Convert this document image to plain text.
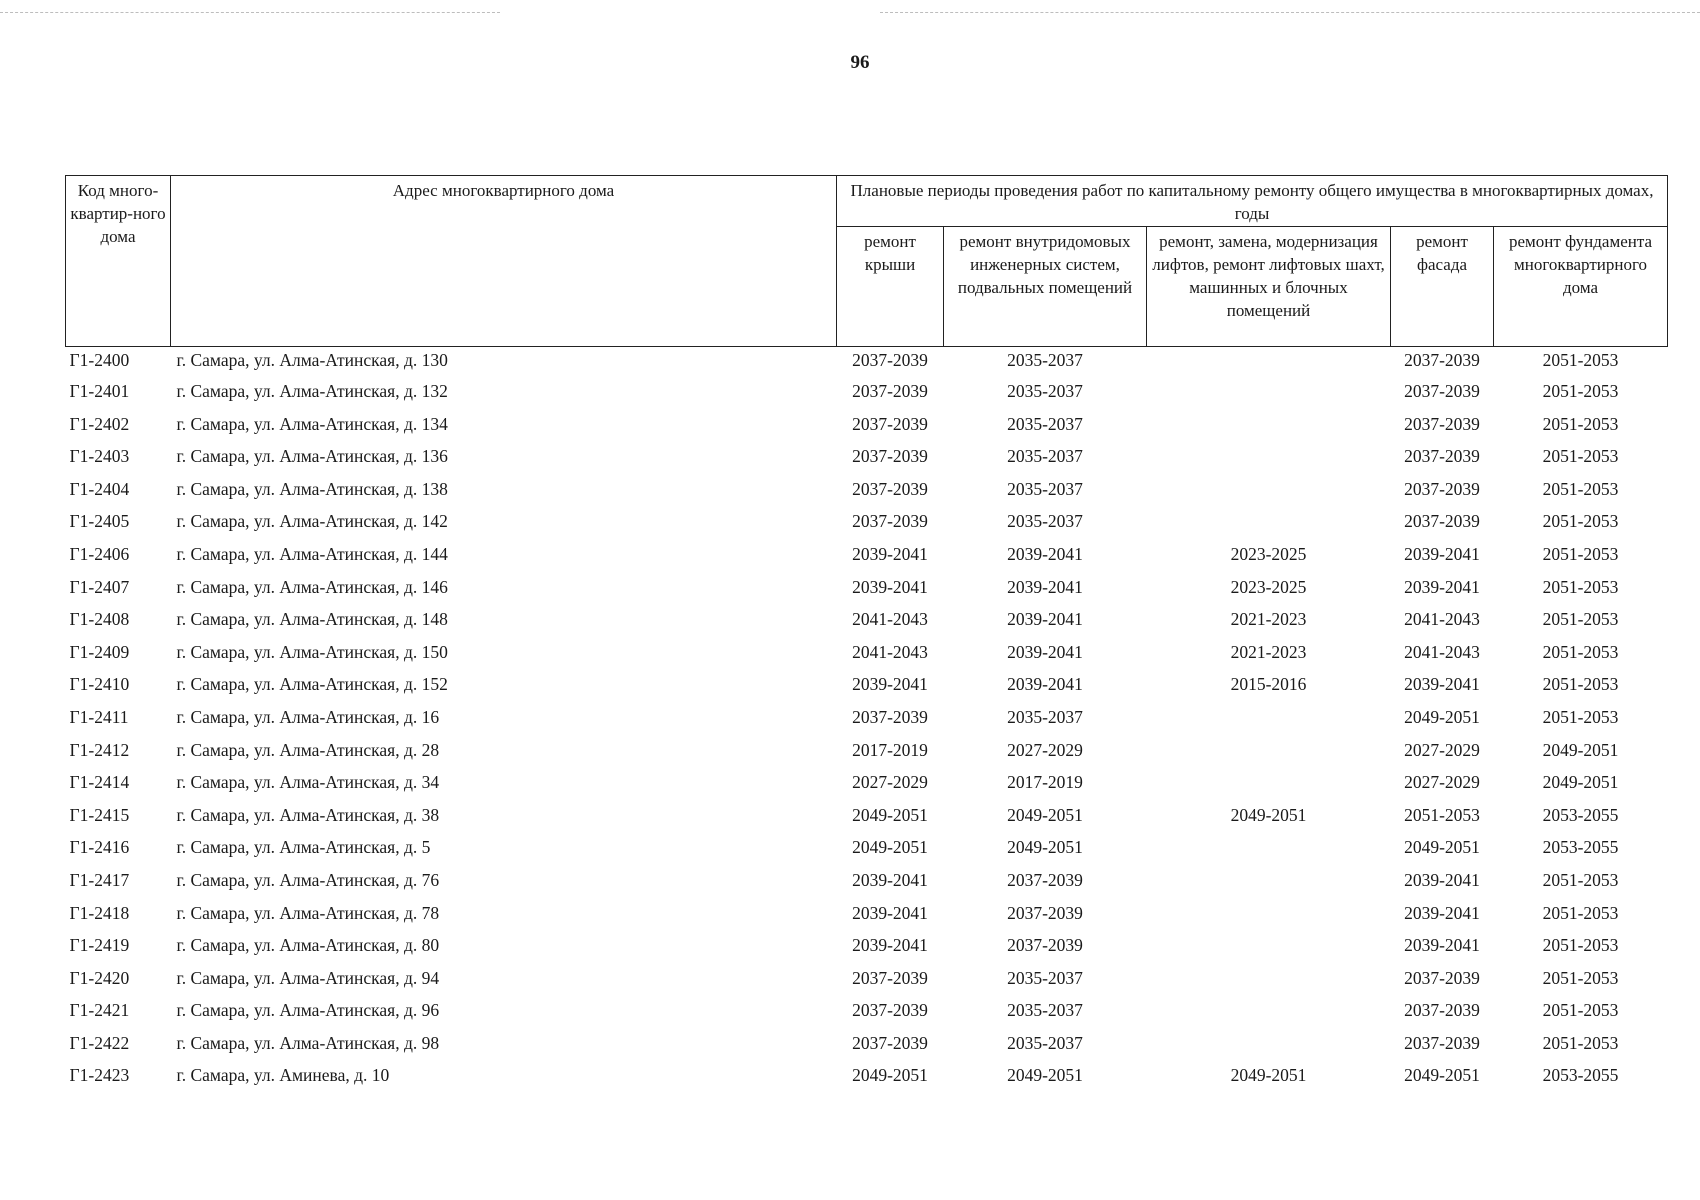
96
Код много-квартир-ного дома	Адрес многоквартирного дома	Плановые периоды проведения работ по капитальному ремонту общего имущества в многоквартирных домах, годы				
		ремонт крыши	ремонт внутридомовых инженерных систем, подвальных помещений	ремонт, замена, модернизация лифтов, ремонт лифтовых шахт, машинных и блочных помещений	ремонт фасада	ремонт фундамента многоквартирного дома
Г1-2400	г. Самара, ул. Алма-Атинская, д. 130	2037-2039	2035-2037		2037-2039	2051-2053
Г1-2401	г. Самара, ул. Алма-Атинская, д. 132	2037-2039	2035-2037		2037-2039	2051-2053
Г1-2402	г. Самара, ул. Алма-Атинская, д. 134	2037-2039	2035-2037		2037-2039	2051-2053
Г1-2403	г. Самара, ул. Алма-Атинская, д. 136	2037-2039	2035-2037		2037-2039	2051-2053
Г1-2404	г. Самара, ул. Алма-Атинская, д. 138	2037-2039	2035-2037		2037-2039	2051-2053
Г1-2405	г. Самара, ул. Алма-Атинская, д. 142	2037-2039	2035-2037		2037-2039	2051-2053
Г1-2406	г. Самара, ул. Алма-Атинская, д. 144	2039-2041	2039-2041	2023-2025	2039-2041	2051-2053
Г1-2407	г. Самара, ул. Алма-Атинская, д. 146	2039-2041	2039-2041	2023-2025	2039-2041	2051-2053
Г1-2408	г. Самара, ул. Алма-Атинская, д. 148	2041-2043	2039-2041	2021-2023	2041-2043	2051-2053
Г1-2409	г. Самара, ул. Алма-Атинская, д. 150	2041-2043	2039-2041	2021-2023	2041-2043	2051-2053
Г1-2410	г. Самара, ул. Алма-Атинская, д. 152	2039-2041	2039-2041	2015-2016	2039-2041	2051-2053
Г1-2411	г. Самара, ул. Алма-Атинская, д. 16	2037-2039	2035-2037		2049-2051	2051-2053
Г1-2412	г. Самара, ул. Алма-Атинская, д. 28	2017-2019	2027-2029		2027-2029	2049-2051
Г1-2414	г. Самара, ул. Алма-Атинская, д. 34	2027-2029	2017-2019		2027-2029	2049-2051
Г1-2415	г. Самара, ул. Алма-Атинская, д. 38	2049-2051	2049-2051	2049-2051	2051-2053	2053-2055
Г1-2416	г. Самара, ул. Алма-Атинская, д. 5	2049-2051	2049-2051		2049-2051	2053-2055
Г1-2417	г. Самара, ул. Алма-Атинская, д. 76	2039-2041	2037-2039		2039-2041	2051-2053
Г1-2418	г. Самара, ул. Алма-Атинская, д. 78	2039-2041	2037-2039		2039-2041	2051-2053
Г1-2419	г. Самара, ул. Алма-Атинская, д. 80	2039-2041	2037-2039		2039-2041	2051-2053
Г1-2420	г. Самара, ул. Алма-Атинская, д. 94	2037-2039	2035-2037		2037-2039	2051-2053
Г1-2421	г. Самара, ул. Алма-Атинская, д. 96	2037-2039	2035-2037		2037-2039	2051-2053
Г1-2422	г. Самара, ул. Алма-Атинская, д. 98	2037-2039	2035-2037		2037-2039	2051-2053
Г1-2423	г. Самара, ул. Аминева, д. 10	2049-2051	2049-2051	2049-2051	2049-2051	2053-2055
